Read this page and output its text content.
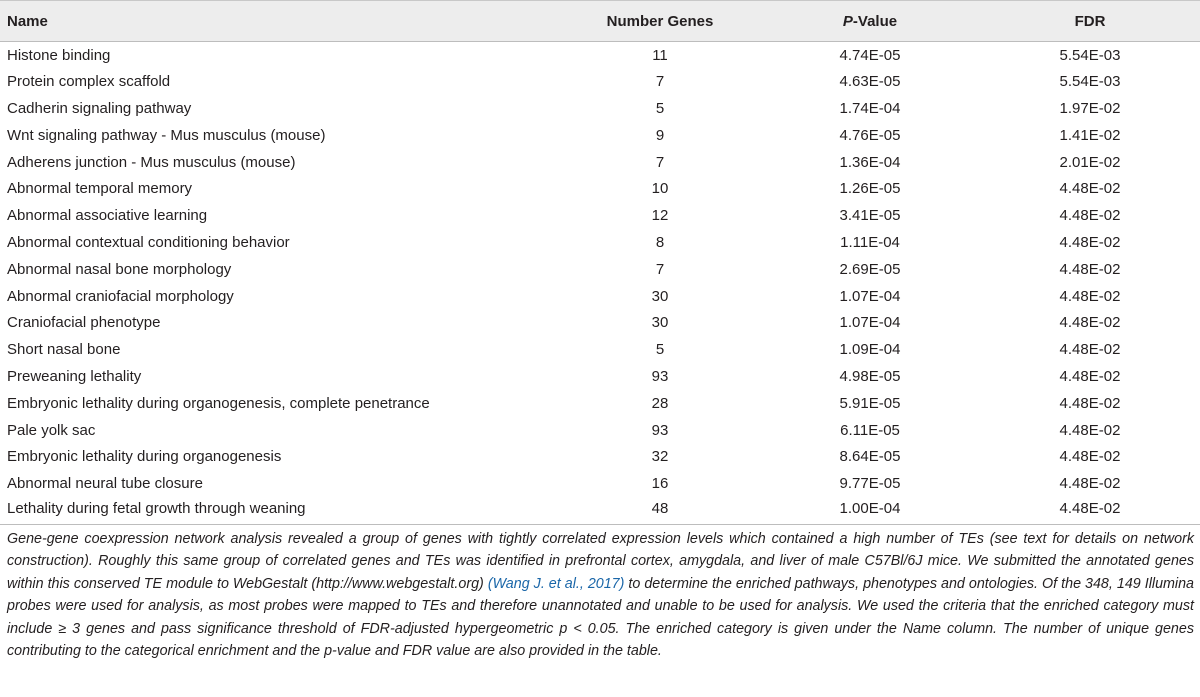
Name	Number Genes	P-Value	FDR
Histone binding	11	4.74E-05	5.54E-03
Protein complex scaffold	7	4.63E-05	5.54E-03
Cadherin signaling pathway	5	1.74E-04	1.97E-02
Wnt signaling pathway - Mus musculus (mouse)	9	4.76E-05	1.41E-02
Adherens junction - Mus musculus (mouse)	7	1.36E-04	2.01E-02
Abnormal temporal memory	10	1.26E-05	4.48E-02
Abnormal associative learning	12	3.41E-05	4.48E-02
Abnormal contextual conditioning behavior	8	1.11E-04	4.48E-02
Abnormal nasal bone morphology	7	2.69E-05	4.48E-02
Abnormal craniofacial morphology	30	1.07E-04	4.48E-02
Craniofacial phenotype	30	1.07E-04	4.48E-02
Short nasal bone	5	1.09E-04	4.48E-02
Preweaning lethality	93	4.98E-05	4.48E-02
Embryonic lethality during organogenesis, complete penetrance	28	5.91E-05	4.48E-02
Pale yolk sac	93	6.11E-05	4.48E-02
Embryonic lethality during organogenesis	32	8.64E-05	4.48E-02
Abnormal neural tube closure	16	9.77E-05	4.48E-02
Lethality during fetal growth through weaning	48	1.00E-04	4.48E-02
Gene-gene coexpression network analysis revealed a group of genes with tightly correlated expression levels which contained a high number of TEs (see text for details on network construction). Roughly this same group of correlated genes and TEs was identified in prefrontal cortex, amygdala, and liver of male C57Bl/6J mice. We submitted the annotated genes within this conserved TE module to WebGestalt (http://www.webgestalt.org) (Wang J. et al., 2017) to determine the enriched pathways, phenotypes and ontologies. Of the 348, 149 Illumina probes were used for analysis, as most probes were mapped to TEs and therefore unannotated and unable to be used for analysis. We used the criteria that the enriched category must include ≥ 3 genes and pass significance threshold of FDR-adjusted hypergeometric p < 0.05. The enriched category is given under the Name column. The number of unique genes contributing to the categorical enrichment and the p-value and FDR value are also provided in the table.
